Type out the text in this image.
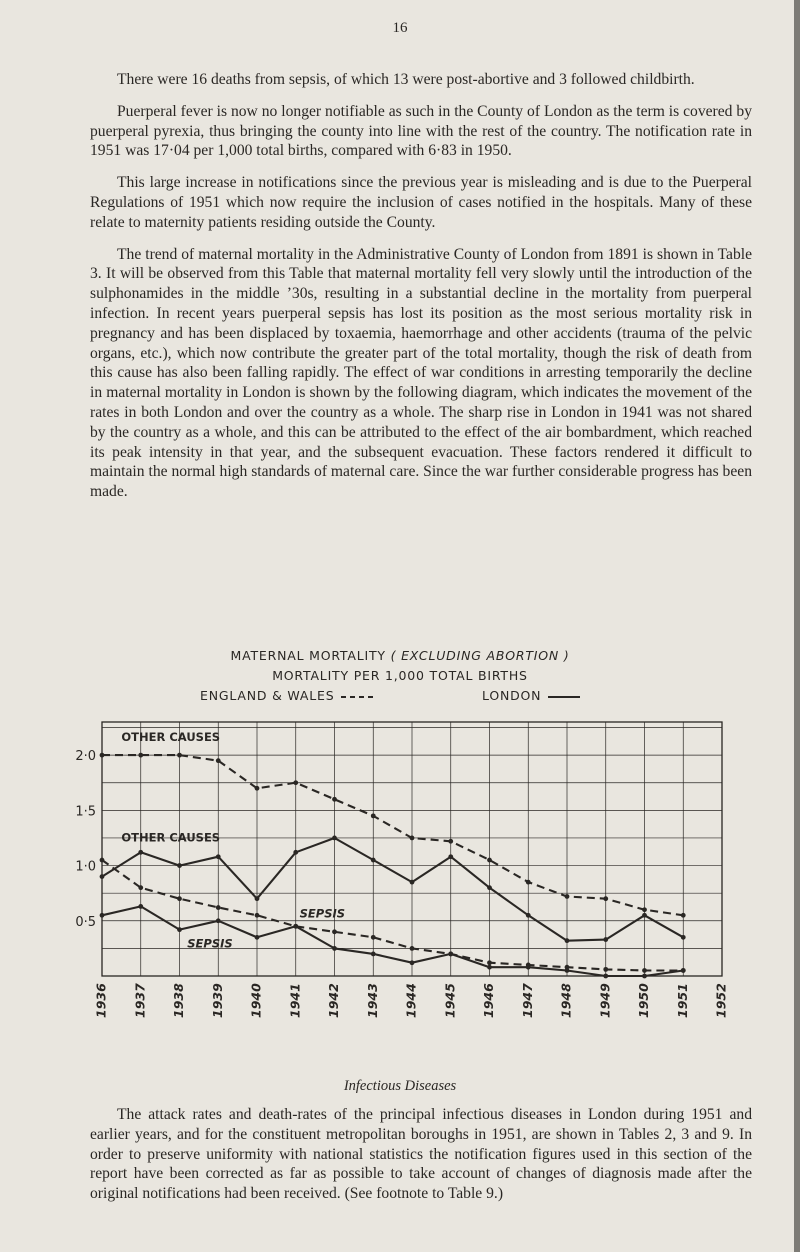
16

There were 16 deaths from sepsis, of which 13 were post-abortive and 3 followed childbirth.

Puerperal fever is now no longer notifiable as such in the County of London as the term is covered by puerperal pyrexia, thus bringing the county into line with the rest of the country. The notification rate in 1951 was 17·04 per 1,000 total births, compared with 6·83 in 1950.

This large increase in notifications since the previous year is misleading and is due to the Puerperal Regulations of 1951 which now require the inclusion of cases notified in the hospitals. Many of these relate to maternity patients residing outside the County.

The trend of maternal mortality in the Administrative County of London from 1891 is shown in Table 3. It will be observed from this Table that maternal mortality fell very slowly until the introduction of the sulphonamides in the middle ’30s, resulting in a substantial decline in the mortality from puerperal infection. In recent years puerperal sepsis has lost its position as the most serious mortality risk in pregnancy and has been displaced by toxaemia, haemorrhage and other accidents (trauma of the pelvic organs, etc.), which now contribute the greater part of the total mortality, though the risk of death from this cause has also been falling rapidly. The effect of war conditions in arresting temporarily the decline in maternal mortality in London is shown by the following diagram, which indicates the movement of the rates in both London and over the country as a whole. The sharp rise in London in 1941 was not shared by the country as a whole, and this can be attributed to the effect of the air bombardment, which reached its peak intensity in that year, and the subsequent evacuation. These factors rendered it difficult to maintain the normal high standards of maternal care. Since the war further considerable progress has been made.

MATERNAL MORTALITY ( EXCLUDING ABORTION )
MORTALITY PER 1,000 TOTAL BIRTHS
ENGLAND & WALES	LONDON
2·0
1·5
1·0
0·5
1936 1937 1938 1939 1940 1941 1942 1943 1944 1945 1946 1947 1948 1949 1950 1951 1952
OTHER CAUSES
OTHER CAUSES
SEPSIS
SEPSIS
Infectious Diseases

The attack rates and death-rates of the principal infectious diseases in London during 1951 and earlier years, and for the constituent metropolitan boroughs in 1951, are shown in Tables 2, 3 and 9. In order to preserve uniformity with national statistics the notification figures used in this section of the report have been corrected as far as possible to take account of changes of diagnosis made after the original notifications had been received. (See footnote to Table 9.)
